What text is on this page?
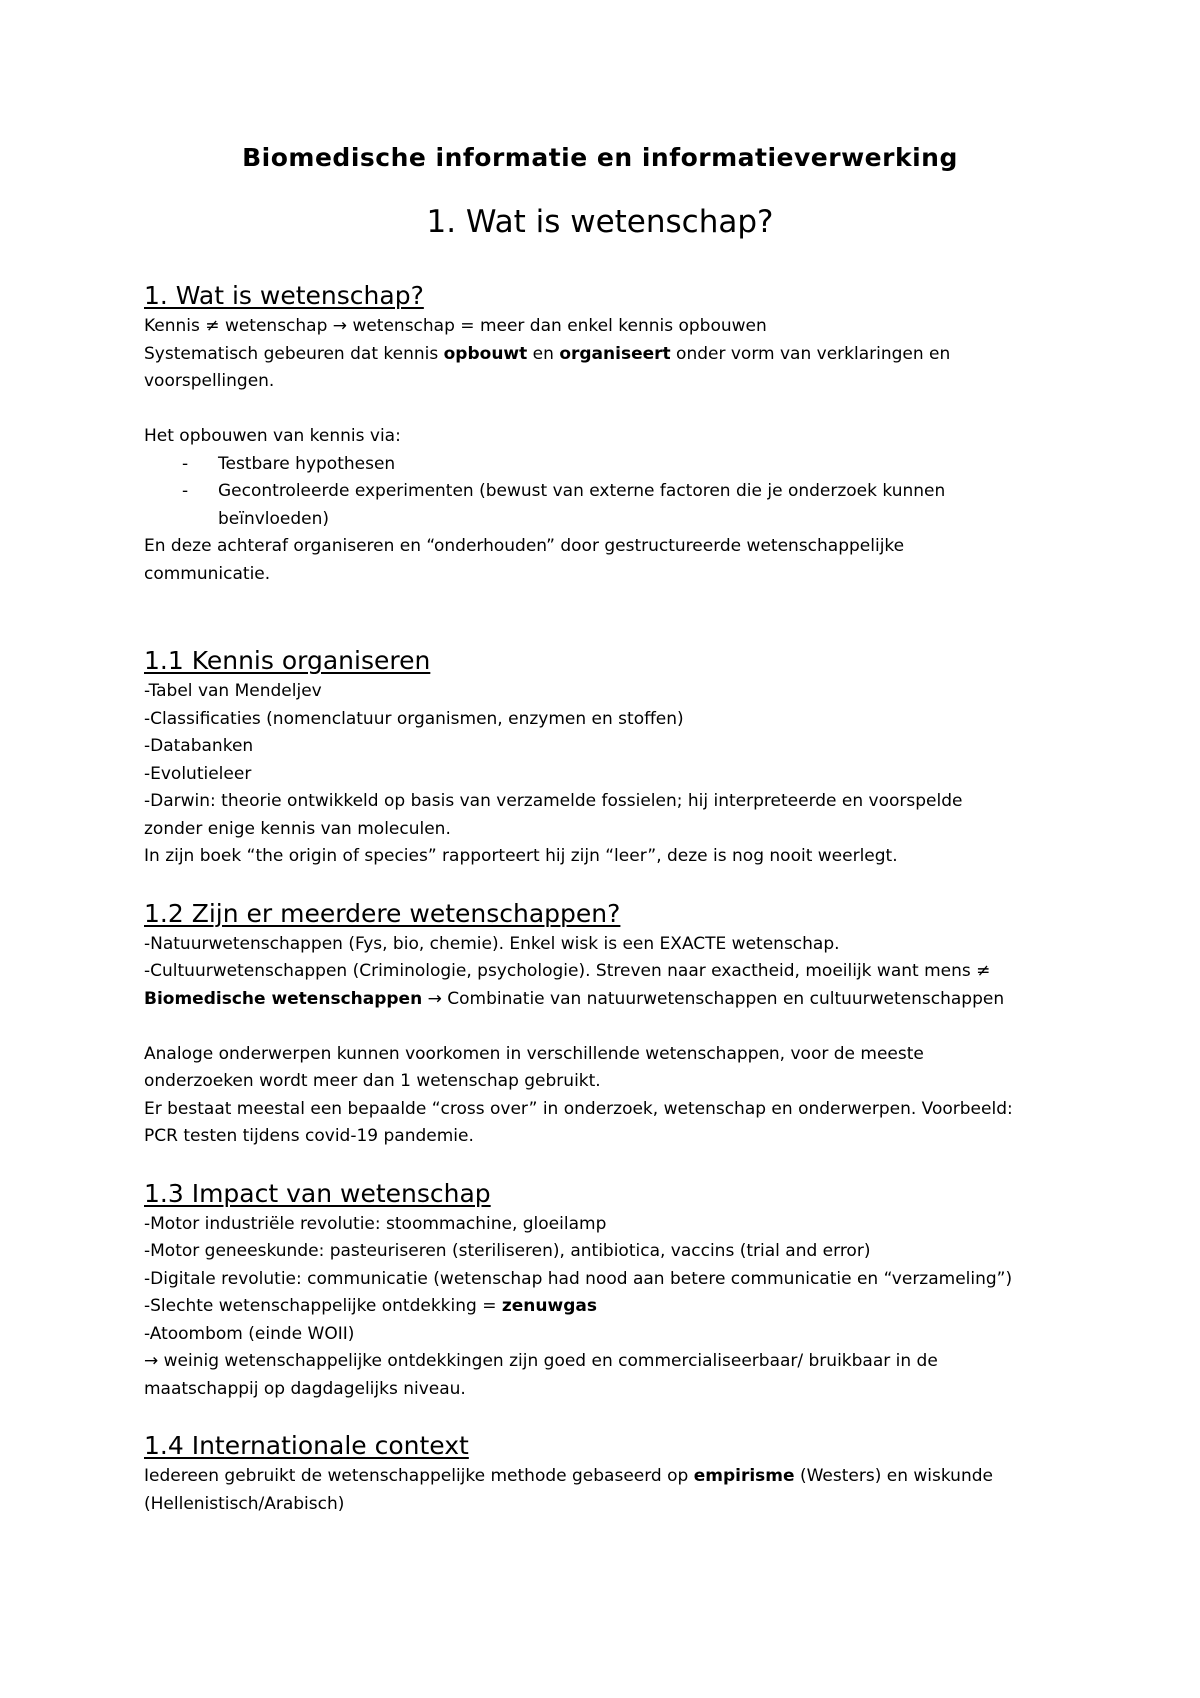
Biomedische informatie en informatieverwerking
1. Wat is wetenschap?
1. Wat is wetenschap?
Kennis ≠ wetenschap → wetenschap = meer dan enkel kennis opbouwen
Systematisch gebeuren dat kennis opbouwt en organiseert onder vorm van verklaringen en
voorspellingen.
Het opbouwen van kennis via:
- Testbare hypothesen
- Gecontroleerde experimenten (bewust van externe factoren die je onderzoek kunnen
beïnvloeden)
En deze achteraf organiseren en “onderhouden” door gestructureerde wetenschappelijke
communicatie.
1.1 Kennis organiseren
-Tabel van Mendeljev
-Classificaties (nomenclatuur organismen, enzymen en stoffen)
-Databanken
-Evolutieleer
-Darwin: theorie ontwikkeld op basis van verzamelde fossielen; hij interpreteerde en voorspelde
zonder enige kennis van moleculen.
In zijn boek “the origin of species” rapporteert hij zijn “leer”, deze is nog nooit weerlegt.
1.2 Zijn er meerdere wetenschappen?
-Natuurwetenschappen (Fys, bio, chemie). Enkel wisk is een EXACTE wetenschap.
-Cultuurwetenschappen (Criminologie, psychologie). Streven naar exactheid, moeilijk want mens ≠
Biomedische wetenschappen → Combinatie van natuurwetenschappen en cultuurwetenschappen
Analoge onderwerpen kunnen voorkomen in verschillende wetenschappen, voor de meeste
onderzoeken wordt meer dan 1 wetenschap gebruikt.
Er bestaat meestal een bepaalde “cross over” in onderzoek, wetenschap en onderwerpen. Voorbeeld:
PCR testen tijdens covid-19 pandemie.
1.3 Impact van wetenschap
-Motor industriële revolutie: stoommachine, gloeilamp
-Motor geneeskunde: pasteuriseren (steriliseren), antibiotica, vaccins (trial and error)
-Digitale revolutie: communicatie (wetenschap had nood aan betere communicatie en “verzameling”)
-Slechte wetenschappelijke ontdekking = zenuwgas
-Atoombom (einde WOII)
→ weinig wetenschappelijke ontdekkingen zijn goed en commercialiseerbaar/ bruikbaar in de
maatschappij op dagdagelijks niveau.
1.4 Internationale context
Iedereen gebruikt de wetenschappelijke methode gebaseerd op empirisme (Westers) en wiskunde
(Hellenistisch/Arabisch)
